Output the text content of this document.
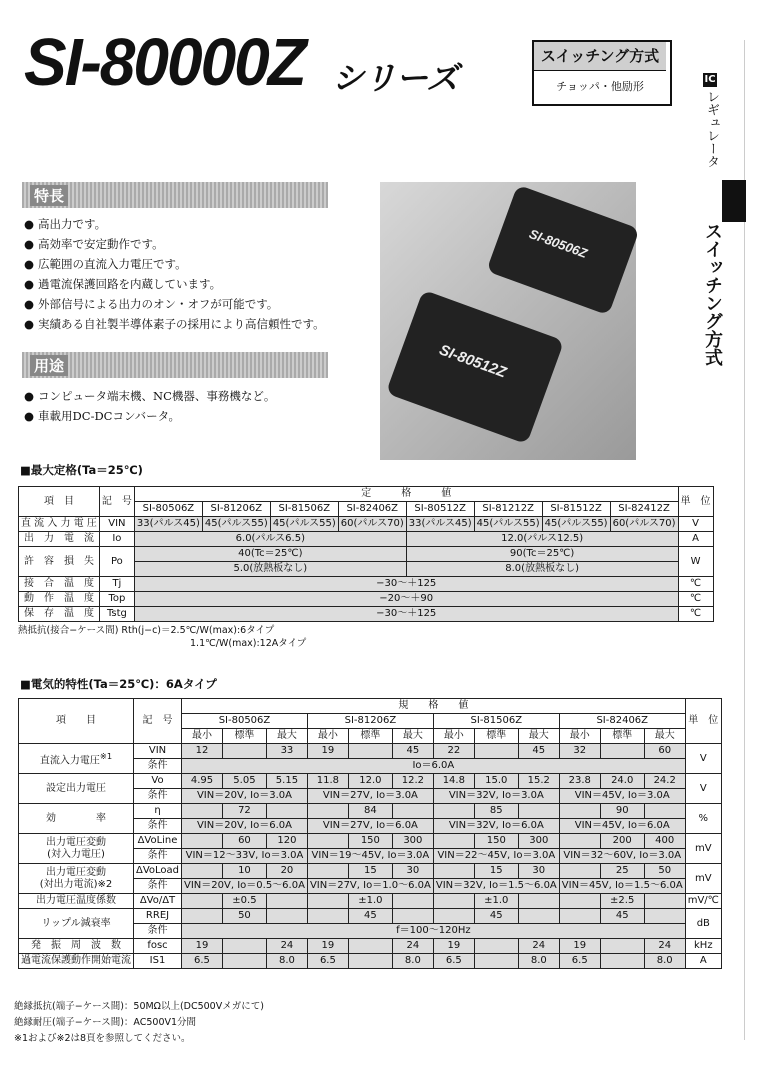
SI-80000Z シリーズ
スイッチング方式
チョッパ・他励形
IC
レギュレータ
スイッチング方式
特長
● 高出力です。
● 高効率で安定動作です。
● 広範囲の直流入力電圧です。
● 過電流保護回路を内蔵しています。
● 外部信号による出力のオン・オフが可能です。
● 実績ある自社製半導体素子の採用により高信頼性です。
用途
● コンピュータ端末機、NC機器、事務機など。
● 車載用DC-DCコンバータ。
SI-80506Z
SI-80512Z
■最大定格(Ta＝25℃)
項　目	記　号	定　　　格　　　値								単　位
		SI-80506Z	SI-81206Z	SI-81506Z	SI-82406Z	SI-80512Z	SI-81212Z	SI-81512Z	SI-82412Z	
直 流 入 力 電 圧	VIN	33(パルス45)	45(パルス55)	45(パルス55)	60(パルス70)	33(パルス45)	45(パルス55)	45(パルス55)	60(パルス70)	V
出　力　電　流	Io	6.0(パルス6.5)				12.0(パルス12.5)				A
許　容　損　失	Po	40(Tc＝25℃)				90(Tc＝25℃)				W
		5.0(放熱板なし)				8.0(放熱板なし)				
接　合　温　度	Tj	−30〜＋125								℃
動　作　温　度	Top	−20〜＋90								℃
保　存　温　度	Tstg	−30〜＋125								℃
熱抵抗(接合−ケース間) Rth(j−c)＝2.5℃/W(max):6タイプ
1.1℃/W(max):12Aタイプ
■電気的特性(Ta＝25℃)：6Aタイプ
項　　目	記　号	規　　格　　値												単　位
		SI-80506Z			SI-81206Z			SI-81506Z			SI-82406Z			
		最小	標準	最大	最小	標準	最大	最小	標準	最大	最小	標準	最大	
直流入力電圧$^{※1}$	VIN	12		33	19		45	22		45	32		60	V
	条件	Io＝6.0A												
設定出力電圧	Vo	4.95	5.05	5.15	11.8	12.0	12.2	14.8	15.0	15.2	23.8	24.0	24.2	V
	条件	VIN＝20V, Io＝3.0A			VIN＝27V, Io＝3.0A			VIN＝32V, Io＝3.0A			VIN＝45V, Io＝3.0A			
効　　　　率	η		72			84			85			90		%
	条件	VIN＝20V, Io＝6.0A			VIN＝27V, Io＝6.0A			VIN＝32V, Io＝6.0A			VIN＝45V, Io＝6.0A			
出力電圧変動
(対入力電圧)	ΔVoLine		60	120		150	300		150	300		200	400	mV
	条件	VIN＝12〜33V, Io＝3.0A			VIN＝19〜45V, Io＝3.0A			VIN＝22〜45V, Io＝3.0A			VIN＝32〜60V, Io＝3.0A			
出力電圧変動
(対出力電流)※2	ΔVoLoad		10	20		15	30		15	30		25	50	mV
	条件	VIN＝20V, Io＝0.5〜6.0A			VIN＝27V, Io＝1.0〜6.0A			VIN＝32V, Io＝1.5〜6.0A			VIN＝45V, Io＝1.5〜6.0A			
出力電圧温度係数	ΔVo/ΔT		±0.5			±1.0			±1.0			±2.5		mV/℃
リップル減衰率	RREJ		50			45			45			45		dB
	条件	f＝100〜120Hz												
発　振　周　波　数	fosc	19		24	19		24	19		24	19		24	kHz
過電流保護動作開始電流	IS1	6.5		8.0	6.5		8.0	6.5		8.0	6.5		8.0	A
絶縁抵抗(端子−ケース間)：50MΩ以上(DC500Vメガにて)
絶縁耐圧(端子−ケース間)：AC500V1分間
※1および※2は8頁を参照してください。
